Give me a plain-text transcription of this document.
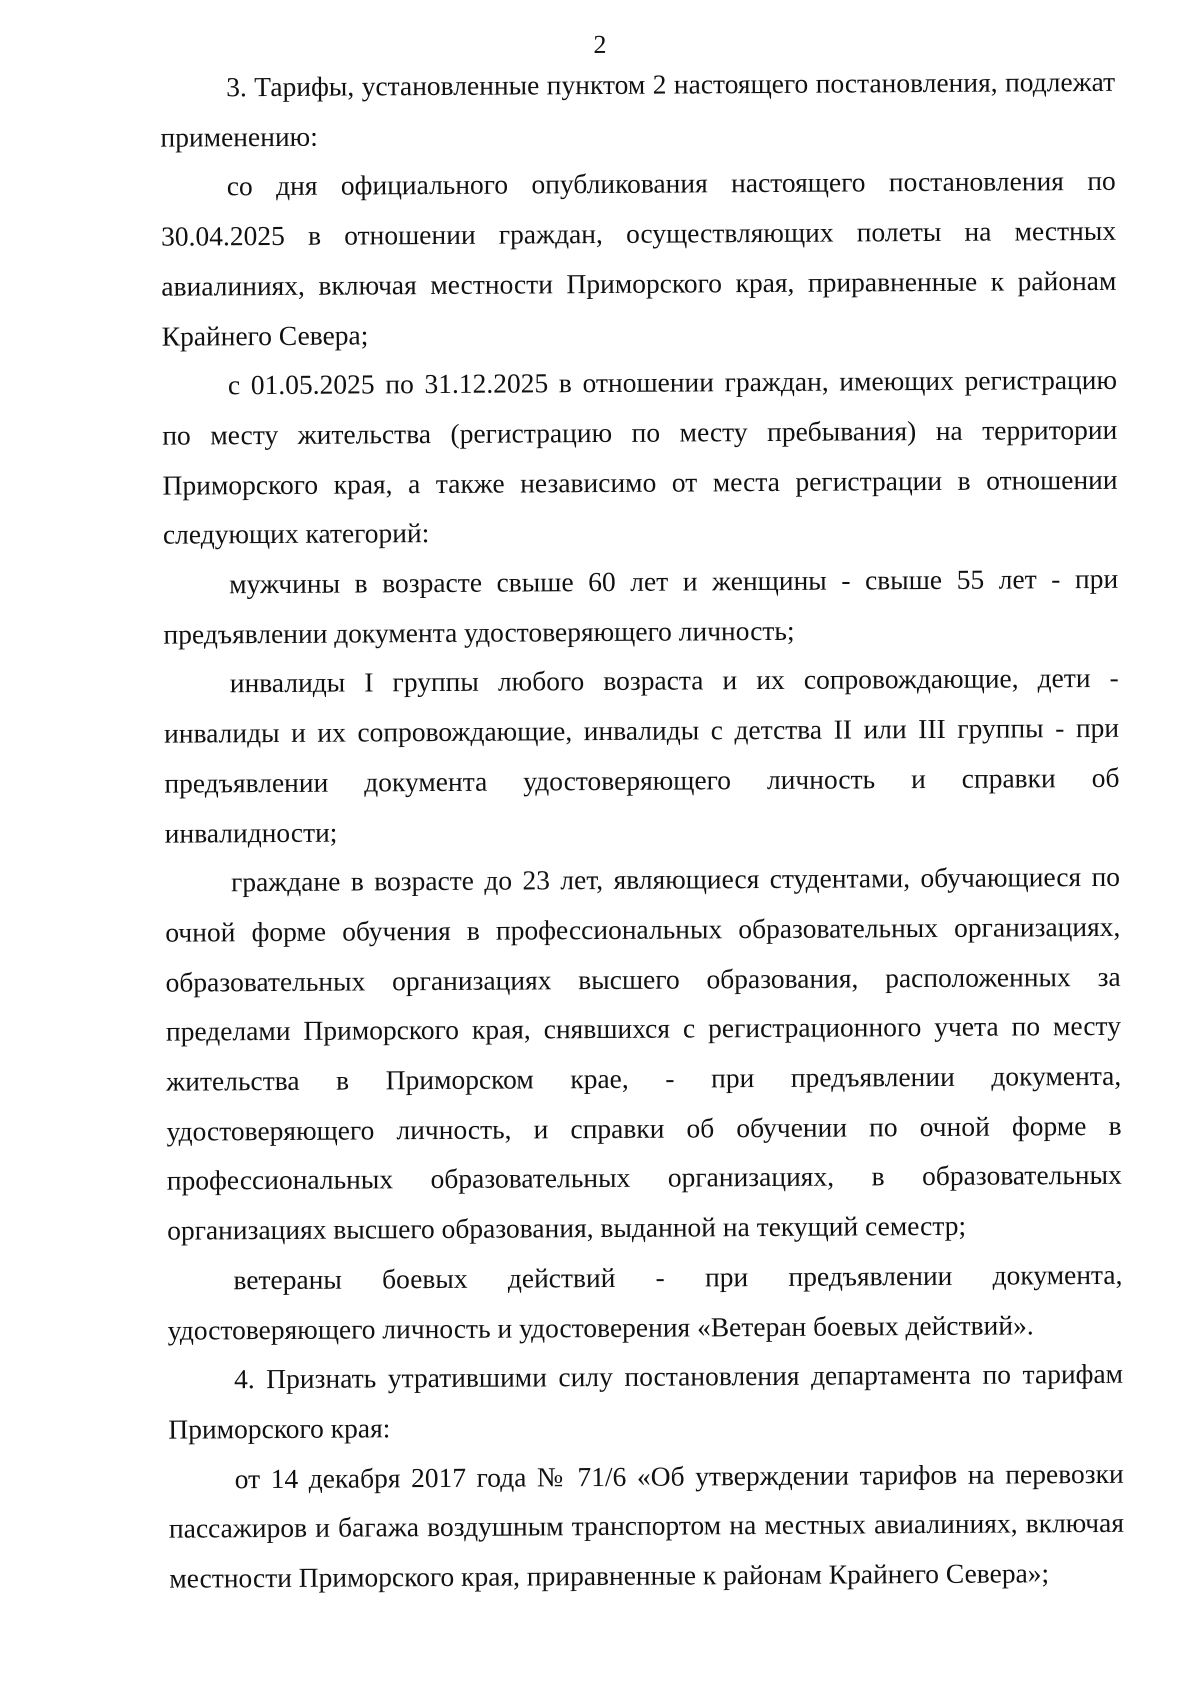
2

3. Тарифы, установленные пунктом 2 настоящего постановления, подлежат применению:

со дня официального опубликования настоящего постановления по 30.04.2025 в отношении граждан, осуществляющих полеты на местных авиалиниях, включая местности Приморского края, приравненные к районам Крайнего Севера;

с 01.05.2025 по 31.12.2025 в отношении граждан, имеющих регистрацию по месту жительства (регистрацию по месту пребывания) на территории Приморского края, а также независимо от места регистрации в отношении следующих категорий:

мужчины в возрасте свыше 60 лет и женщины - свыше 55 лет - при предъявлении документа удостоверяющего личность;

инвалиды I группы любого возраста и их сопровождающие, дети - инвалиды и их сопровождающие, инвалиды с детства II или III группы - при предъявлении документа удостоверяющего личность и справки об инвалидности;

граждане в возрасте до 23 лет, являющиеся студентами, обучающиеся по очной форме обучения в профессиональных образовательных организациях, образовательных организациях высшего образования, расположенных за пределами Приморского края, снявшихся с регистрационного учета по месту жительства в Приморском крае, - при предъявлении документа, удостоверяющего личность, и справки об обучении по очной форме в профессиональных образовательных организациях, в образовательных организациях высшего образования, выданной на текущий семестр;

ветераны боевых действий - при предъявлении документа, удостоверяющего личность и удостоверения «Ветеран боевых действий».

4. Признать утратившими силу постановления департамента по тарифам Приморского края:

от 14 декабря 2017 года № 71/6 «Об утверждении тарифов на перевозки пассажиров и багажа воздушным транспортом на местных авиалиниях, включая местности Приморского края, приравненные к районам Крайнего Севера»;
